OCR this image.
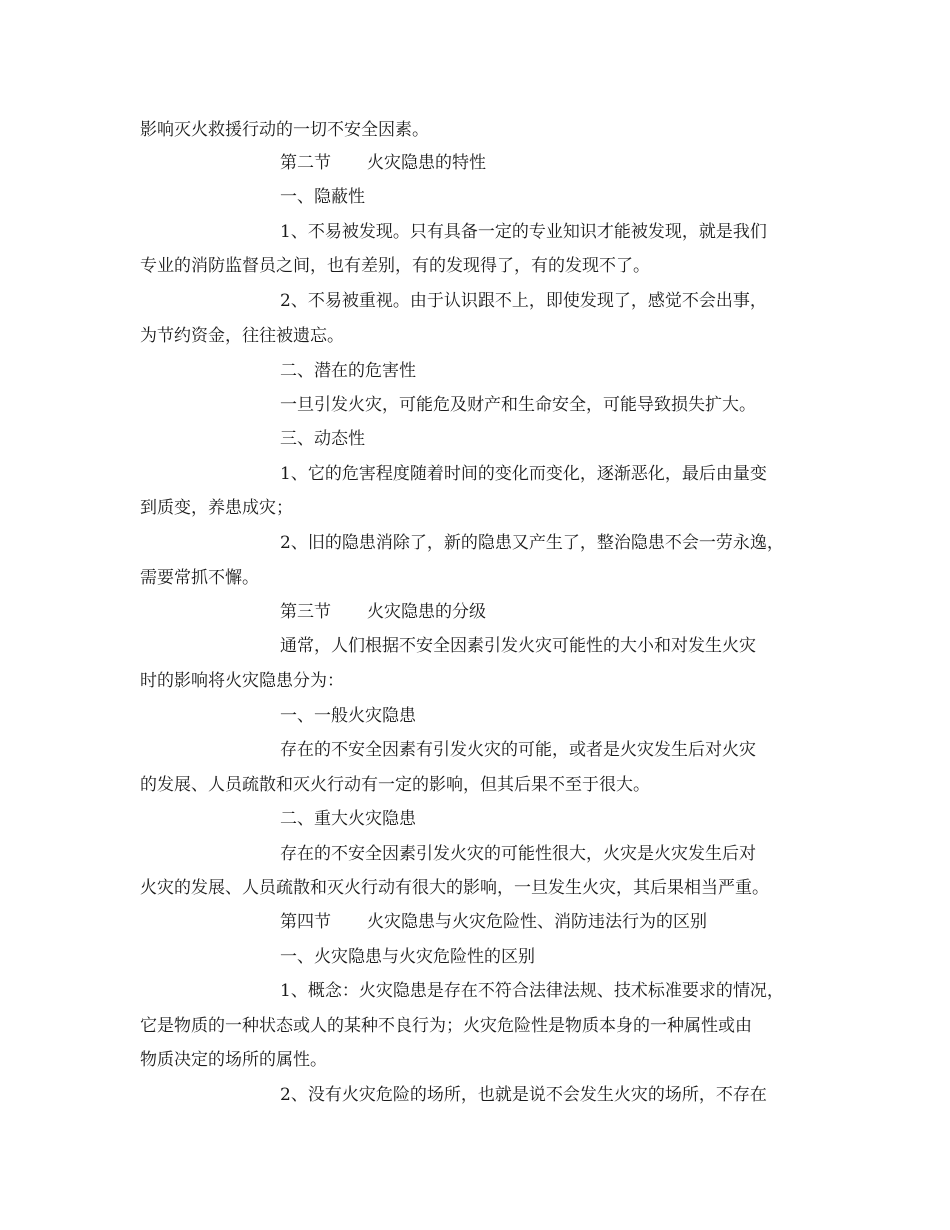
影响灭火救援行动的一切不安全因素。
第二节 火灾隐患的特性
一、隐蔽性
1、不易被发现。只有具备一定的专业知识才能被发现，就是我们
专业的消防监督员之间，也有差别，有的发现得了，有的发现不了。
2、不易被重视。由于认识跟不上，即使发现了，感觉不会出事，
为节约资金，往往被遗忘。
二、潜在的危害性
一旦引发火灾，可能危及财产和生命安全，可能导致损失扩大。
三、动态性
1、它的危害程度随着时间的变化而变化，逐渐恶化，最后由量变
到质变，养患成灾；
2、旧的隐患消除了，新的隐患又产生了，整治隐患不会一劳永逸，
需要常抓不懈。
第三节 火灾隐患的分级
通常，人们根据不安全因素引发火灾可能性的大小和对发生火灾
时的影响将火灾隐患分为：
一、一般火灾隐患
存在的不安全因素有引发火灾的可能，或者是火灾发生后对火灾
的发展、人员疏散和灭火行动有一定的影响，但其后果不至于很大。
二、重大火灾隐患
存在的不安全因素引发火灾的可能性很大，火灾是火灾发生后对
火灾的发展、人员疏散和灭火行动有很大的影响，一旦发生火灾，其后果相当严重。
第四节 火灾隐患与火灾危险性、消防违法行为的区别
一、火灾隐患与火灾危险性的区别
1、概念：火灾隐患是存在不符合法律法规、技术标准要求的情况，
它是物质的一种状态或人的某种不良行为；火灾危险性是物质本身的一种属性或由
物质决定的场所的属性。
2、没有火灾危险的场所，也就是说不会发生火灾的场所，不存在
